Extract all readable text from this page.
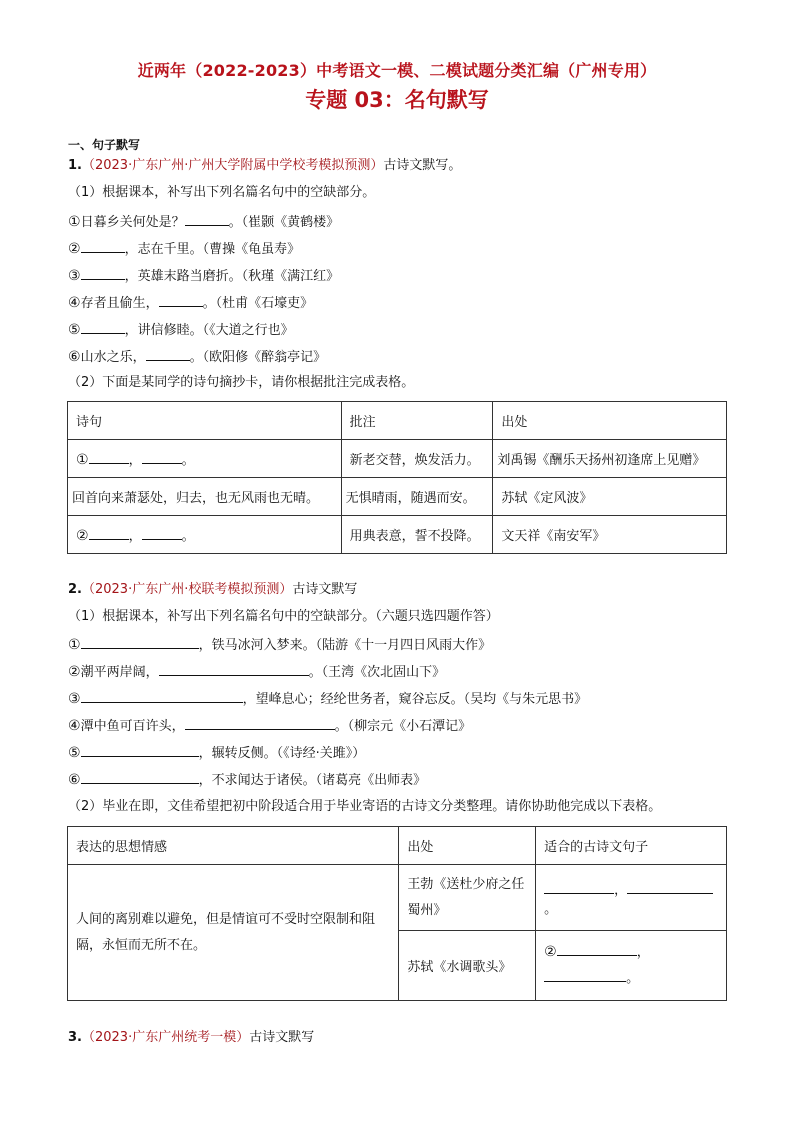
近两年（2022-2023）中考语文一模、二模试题分类汇编（广州专用）
专题 03：名句默写
一、句子默写
1.（2023·广东广州·广州大学附属中学校考模拟预测）古诗文默写。
（1）根据课本，补写出下列名篇名句中的空缺部分。
①日暮乡关何处是？	。（崔颢《黄鹤楼》
②	，志在千里。（曹操《龟虽寿》
③	，英雄末路当磨折。（秋瑾《满江红》
④存者且偷生，	。（杜甫《石壕吏》
⑤	，讲信修睦。（《大道之行也》
⑥山水之乐，	。（欧阳修《醉翁亭记》
（2）下面是某同学的诗句摘抄卡，请你根据批注完成表格。
诗句	批注	出处
① ， 。	新老交替，焕发活力。	刘禹锡《酬乐天扬州初逢席上见赠》
回首向来萧瑟处，归去，也无风雨也无晴。	无惧晴雨，随遇而安。	苏轼《定风波》
② ， 。	用典表意，誓不投降。	文天祥《南安军》
2.（2023·广东广州·校联考模拟预测）古诗文默写
（1）根据课本，补写出下列名篇名句中的空缺部分。（六题只选四题作答）
①	，铁马冰河入梦来。（陆游《十一月四日风雨大作》
②潮平两岸阔，	。（王湾《次北固山下》
③	，望峰息心；经纶世务者，窥谷忘反。（吴均《与朱元思书》
④潭中鱼可百许头，	。（柳宗元《小石潭记》
⑤	，辗转反侧。（《诗经·关雎》）
⑥	，不求闻达于诸侯。（诸葛亮《出师表》
（2）毕业在即，文佳希望把初中阶段适合用于毕业寄语的古诗文分类整理。请你协助他完成以下表格。
表达的思想情感	出处	适合的古诗文句子
人间的离别难以避免，但是情谊可不受时空限制和阻隔，永恒而无所不在。	王勃《送杜少府之任蜀州》	，。
	苏轼《水调歌头》	② ，
。
3.（2023·广东广州统考一模）古诗文默写
